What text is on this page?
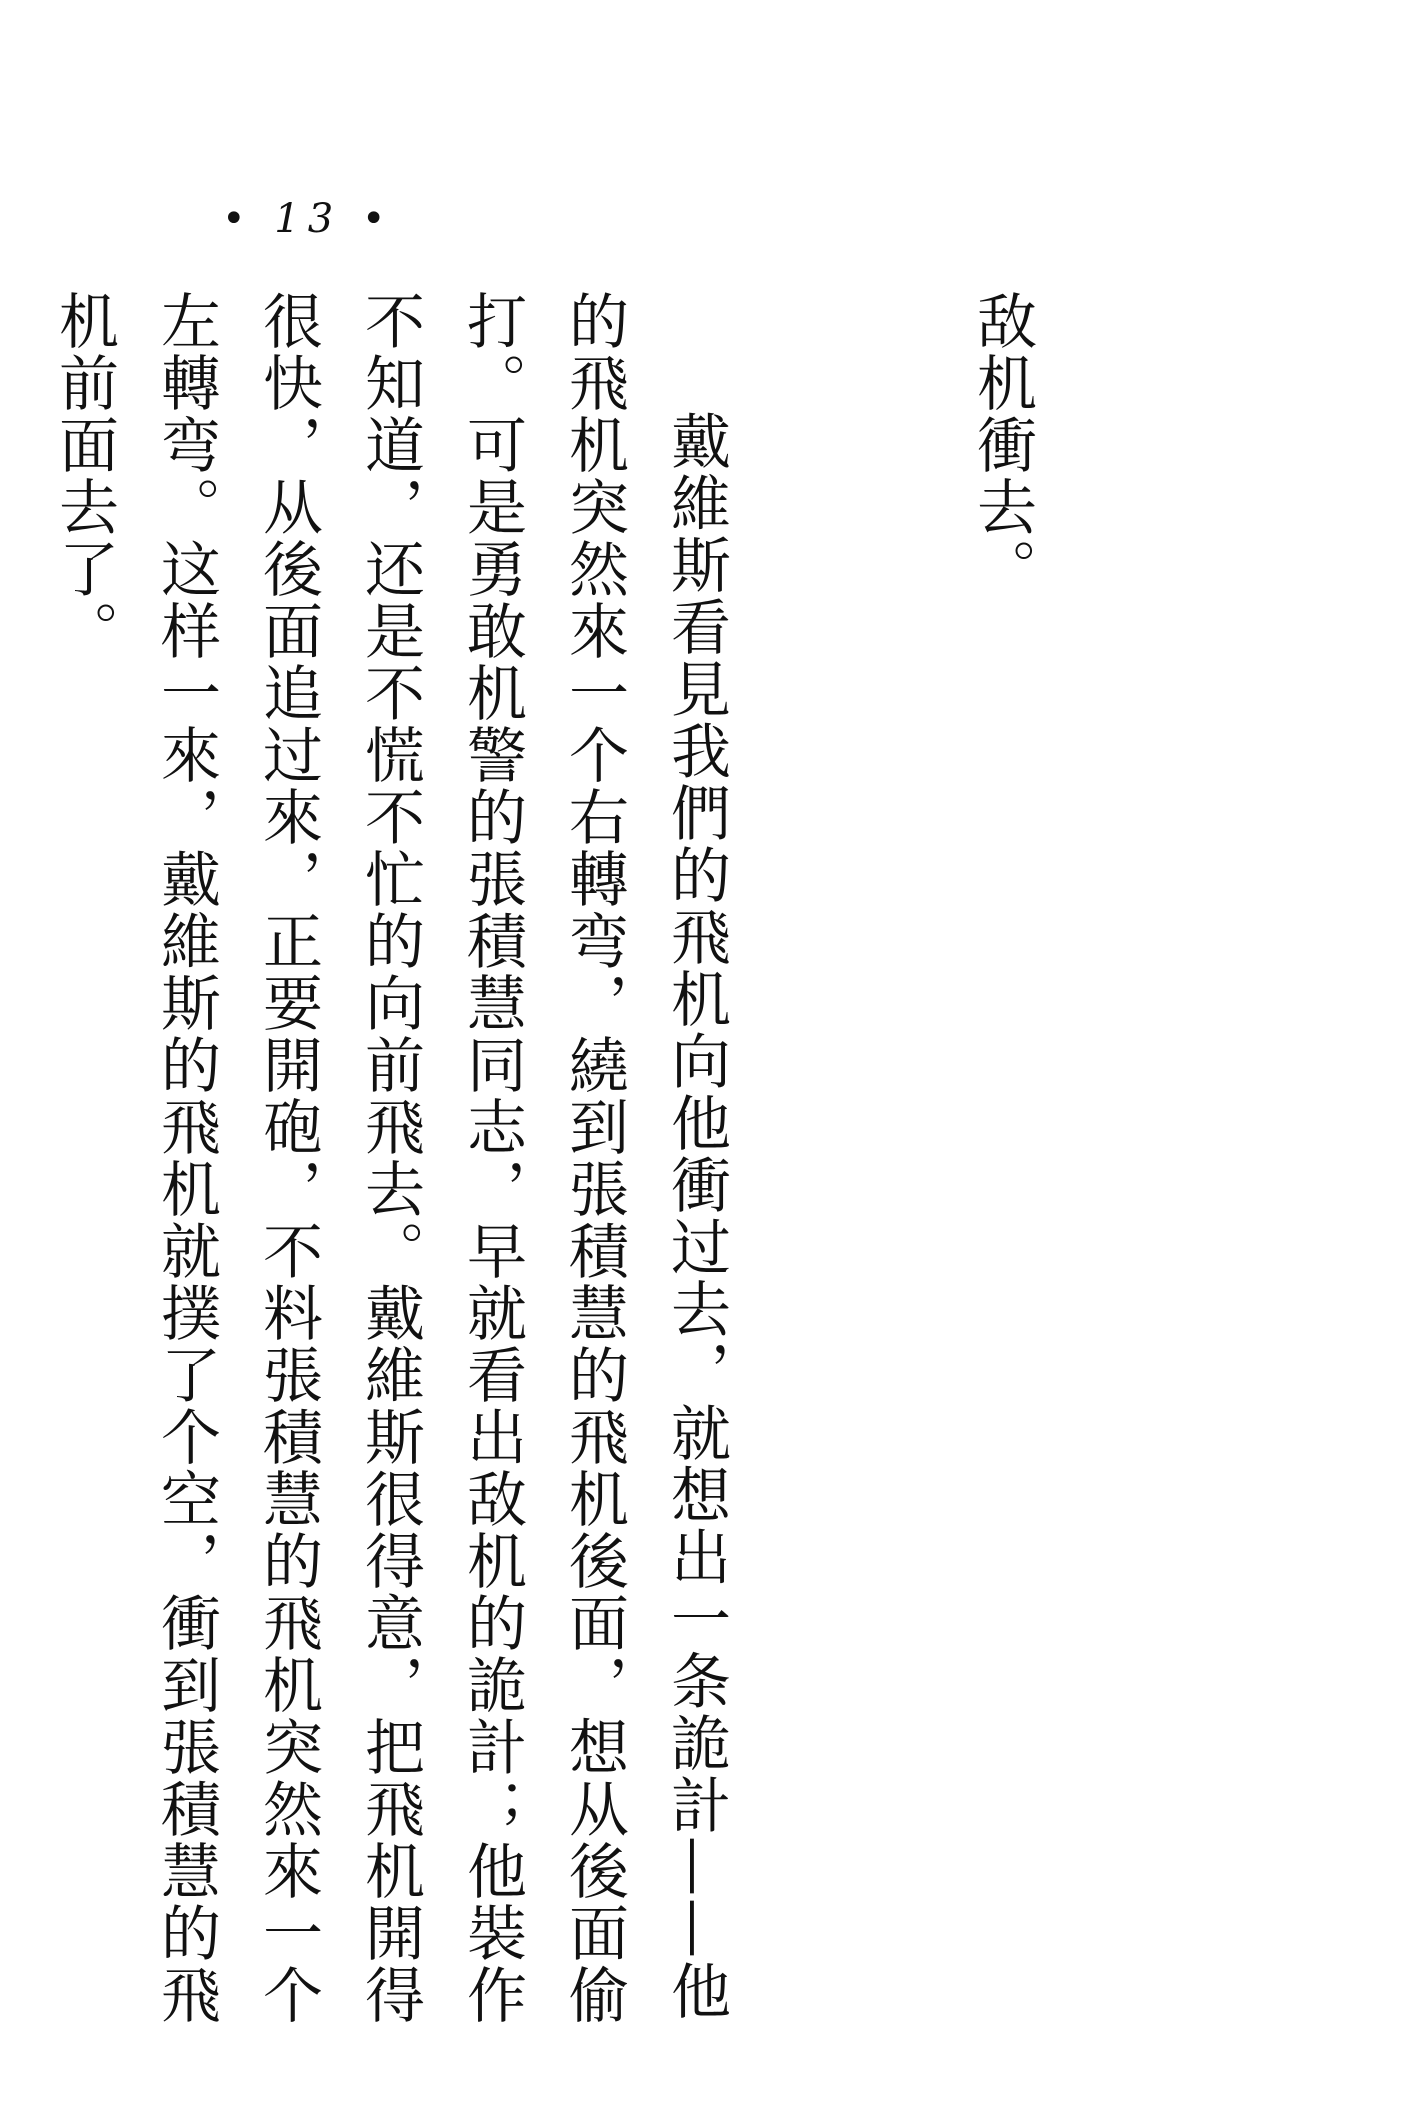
• 13 •

敌机衝去。

戴維斯看見我們的飛机向他衝过去，就想出一条詭計——他的飛机突然來一个右轉弯，繞到張積慧的飛机後面，想从後面偷打。可是勇敢机警的張積慧同志，早就看出敌机的詭計；他裝作不知道，还是不慌不忙的向前飛去。戴維斯很得意，把飛机開得很快，从後面追过來，正要開砲，不料張積慧的飛机突然來一个左轉弯。这样一來，戴維斯的飛机就撲了个空，衝到張積慧的飛机前面去了。
